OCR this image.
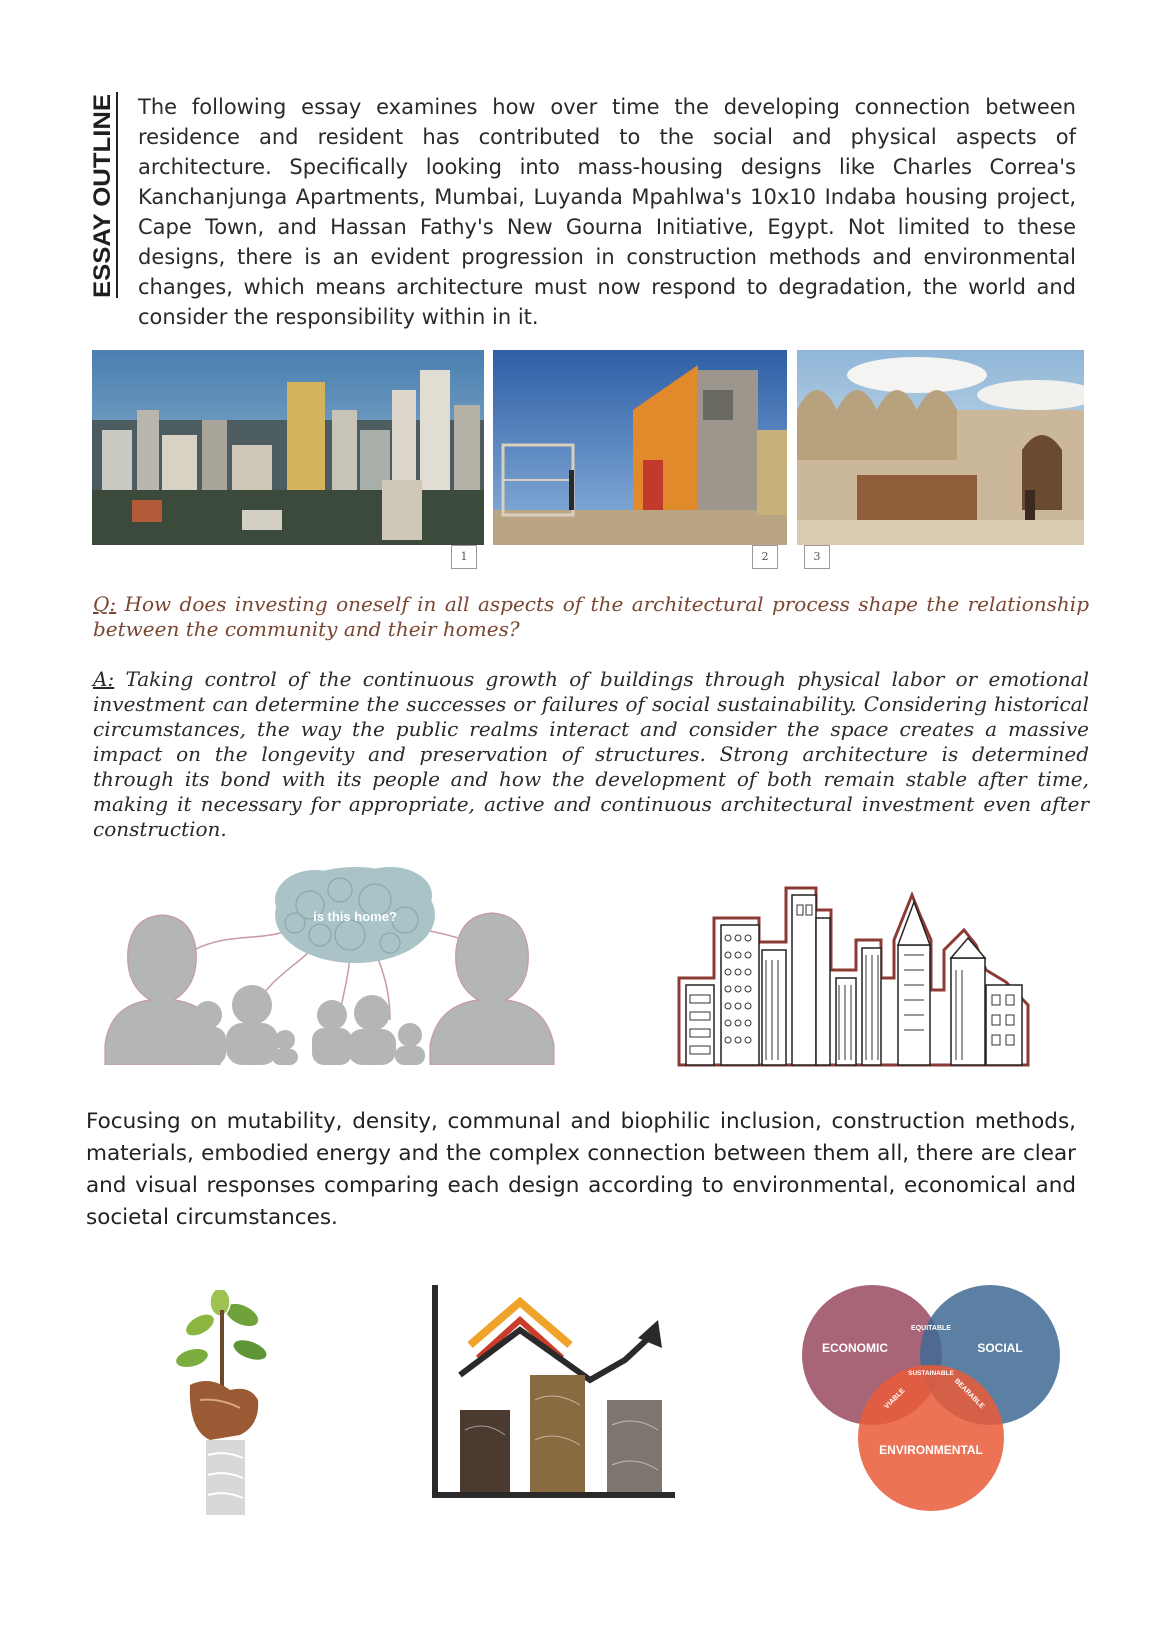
ESSAY OUTLINE

The following essay examines how over time the developing connection between residence and resident has contributed to the social and physical aspects of architecture. Specifically looking into mass-housing designs like Charles Correa's Kanchanjunga Apartments, Mumbai, Luyanda Mpahlwa's 10x10 Indaba housing project, Cape Town, and Hassan Fathy's New Gourna Initiative, Egypt. Not limited to these designs, there is an evident progression in construction methods and environmental changes, which means architecture must now respond to degradation, the world and consider the responsibility within in it.

1	2	3

Q: How does investing oneself in all aspects of the architectural process shape the relationship between the community and their homes?

A: Taking control of the continuous growth of buildings through physical labor or emotional investment can determine the successes or failures of social sustainability. Considering historical circumstances, the way the public realms interact and consider the space creates a massive impact on the longevity and preservation of structures. Strong architecture is determined through its bond with its people and how the development of both remain stable after time, making it necessary for appropriate, active and continuous architectural investment even after construction.

is this home?

Focusing on mutability, density, communal and biophilic inclusion, construction methods, materials, embodied energy and the complex connection between them all, there are clear and visual responses comparing each design according to environmental, economical and societal circumstances.

ECONOMIC	SOCIAL
ENVIRONMENTAL
EQUITABLE
SUSTAINABLE
VIABLE	BEARABLE
